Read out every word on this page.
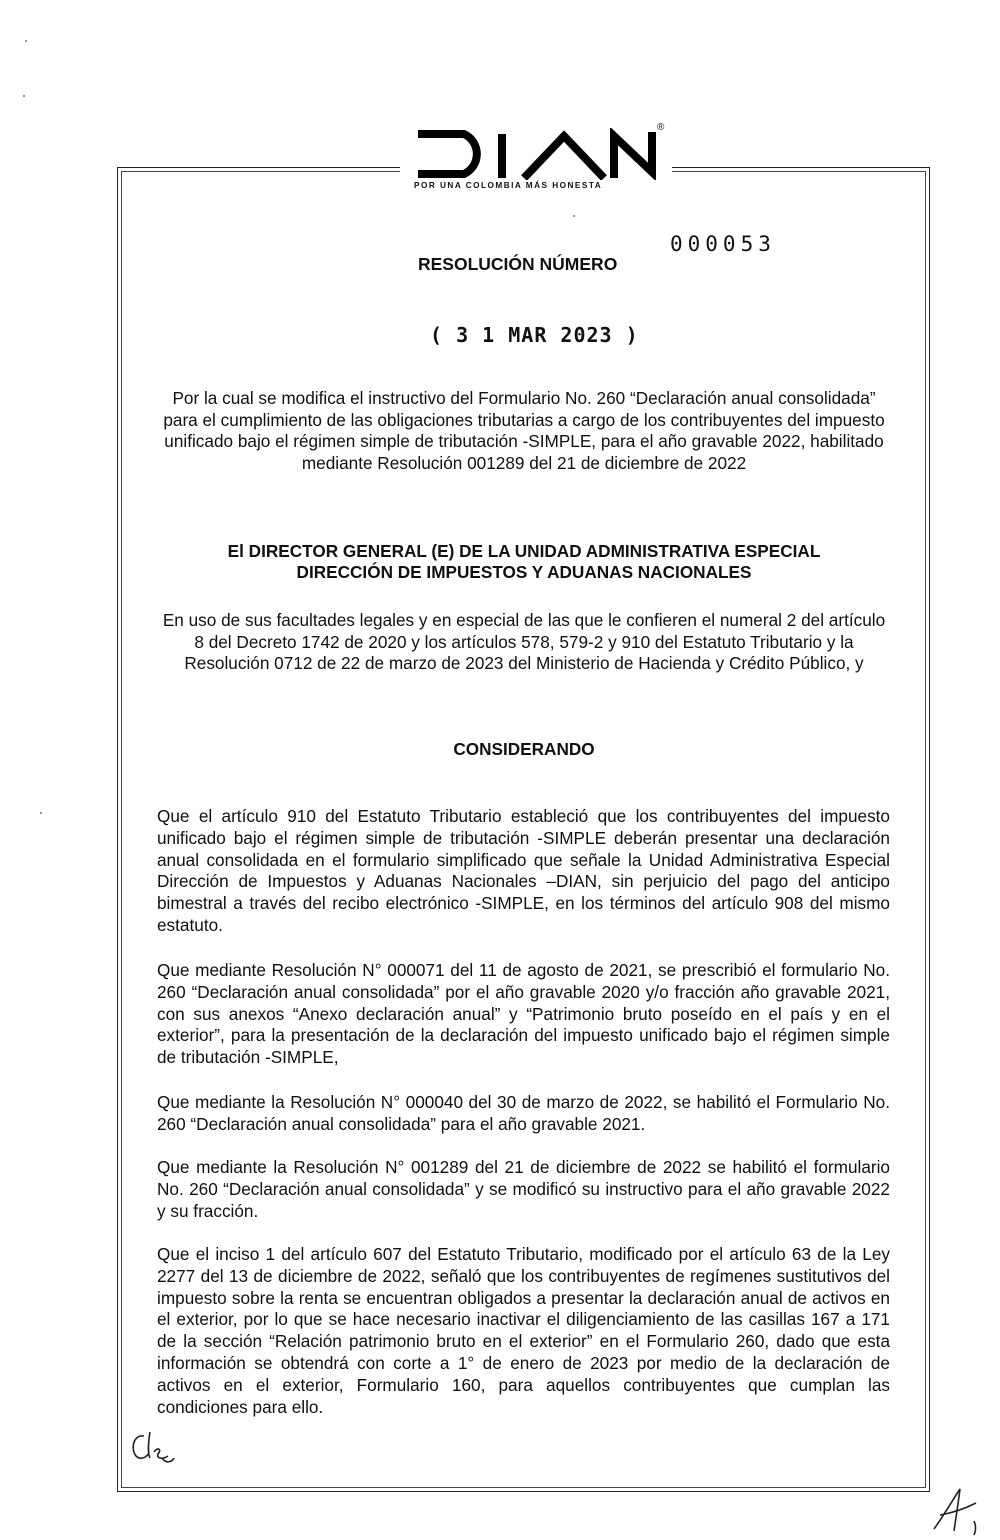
®
POR UNA COLOMBIA MÁS HONESTA
RESOLUCIÓN NÚMERO
000053
( 3 1 MAR 2023 )

Por la cual se modifica el instructivo del Formulario No. 260 “Declaración anual consolidada” para el cumplimiento de las obligaciones tributarias a cargo de los contribuyentes del impuesto unificado bajo el régimen simple de tributación -SIMPLE, para el año gravable 2022, habilitado mediante Resolución 001289 del 21 de diciembre de 2022

El DIRECTOR GENERAL (E) DE LA UNIDAD ADMINISTRATIVA ESPECIAL
DIRECCIÓN DE IMPUESTOS Y ADUANAS NACIONALES

En uso de sus facultades legales y en especial de las que le confieren el numeral 2 del artículo 8 del Decreto 1742 de 2020 y los artículos 578, 579-2 y 910 del Estatuto Tributario y la Resolución 0712 de 22 de marzo de 2023 del Ministerio de Hacienda y Crédito Público, y

CONSIDERANDO

Que el artículo 910 del Estatuto Tributario estableció que los contribuyentes del impuesto unificado bajo el régimen simple de tributación -SIMPLE deberán presentar una declaración anual consolidada en el formulario simplificado que señale la Unidad Administrativa Especial Dirección de Impuestos y Aduanas Nacionales –DIAN, sin perjuicio del pago del anticipo bimestral a través del recibo electrónico -SIMPLE, en los términos del artículo 908 del mismo estatuto.

Que mediante Resolución N° 000071 del 11 de agosto de 2021, se prescribió el formulario No. 260 “Declaración anual consolidada” por el año gravable 2020 y/o fracción año gravable 2021, con sus anexos “Anexo declaración anual” y “Patrimonio bruto poseído en el país y en el exterior”, para la presentación de la declaración del impuesto unificado bajo el régimen simple de tributación -SIMPLE,

Que mediante la Resolución N° 000040 del 30 de marzo de 2022, se habilitó el Formulario No. 260 “Declaración anual consolidada” para el año gravable 2021.

Que mediante la Resolución N° 001289 del 21 de diciembre de 2022 se habilitó el formulario No. 260 “Declaración anual consolidada” y se modificó su instructivo para el año gravable 2022 y su fracción.

Que el inciso 1 del artículo 607 del Estatuto Tributario, modificado por el artículo 63 de la Ley 2277 del 13 de diciembre de 2022, señaló que los contribuyentes de regímenes sustitutivos del impuesto sobre la renta se encuentran obligados a presentar la declaración anual de activos en el exterior, por lo que se hace necesario inactivar el diligenciamiento de las casillas 167 a 171 de la sección “Relación patrimonio bruto en el exterior” en el Formulario 260, dado que esta información se obtendrá con corte a 1° de enero de 2023 por medio de la declaración de activos en el exterior, Formulario 160, para aquellos contribuyentes que cumplan las condiciones para ello.
